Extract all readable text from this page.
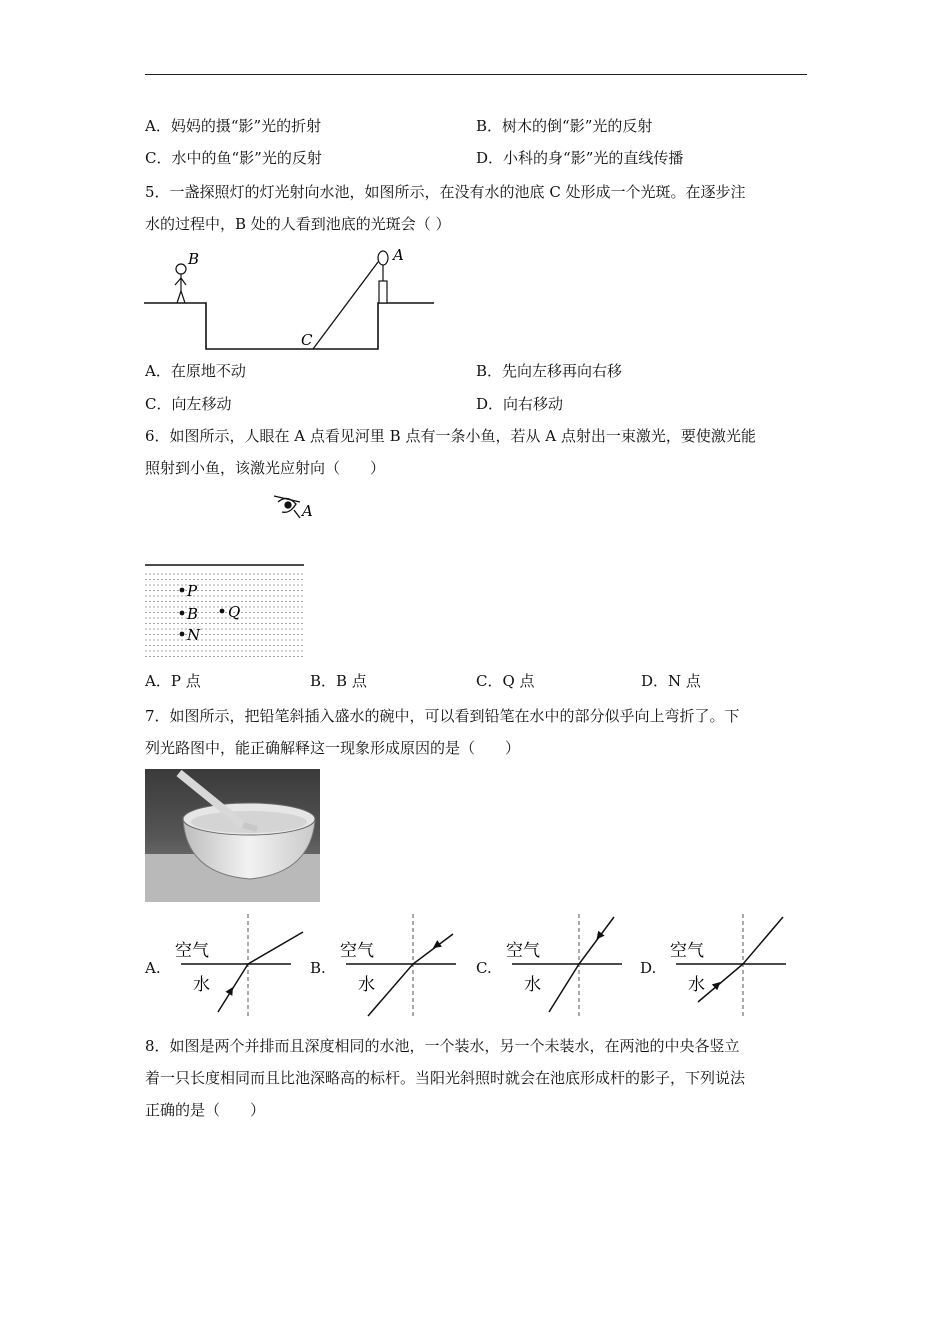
A．妈妈的摄“影”光的折射	B．树木的倒“影”光的反射
C．水中的鱼“影”光的反射	D．小科的身“影”光的直线传播
5．一盏探照灯的灯光射向水池，如图所示，在没有水的池底 C 处形成一个光斑。在逐步注
水的过程中，B 处的人看到池底的光斑会（ ）
B	A
C
A．在原地不动	B．先向左移再向右移
C．向左移动	D．向右移动
6．如图所示，人眼在 A 点看见河里 B 点有一条小鱼，若从 A 点射出一束激光，要使激光能
照射到小鱼，该激光应射向（　　）
A
P
B Q
N
A．P 点	B．B 点	C．Q 点	D．N 点
7．如图所示，把铅笔斜插入盛水的碗中，可以看到铅笔在水中的部分似乎向上弯折了。下
列光路图中，能正确解释这一现象形成原因的是（　　）
A.
空气
水
B.
空气
水
C.
空气
水
D.
空气
水
8．如图是两个并排而且深度相同的水池，一个装水，另一个未装水，在两池的中央各竖立
着一只长度相同而且比池深略高的标杆。当阳光斜照时就会在池底形成杆的影子，下列说法
正确的是（　　）
